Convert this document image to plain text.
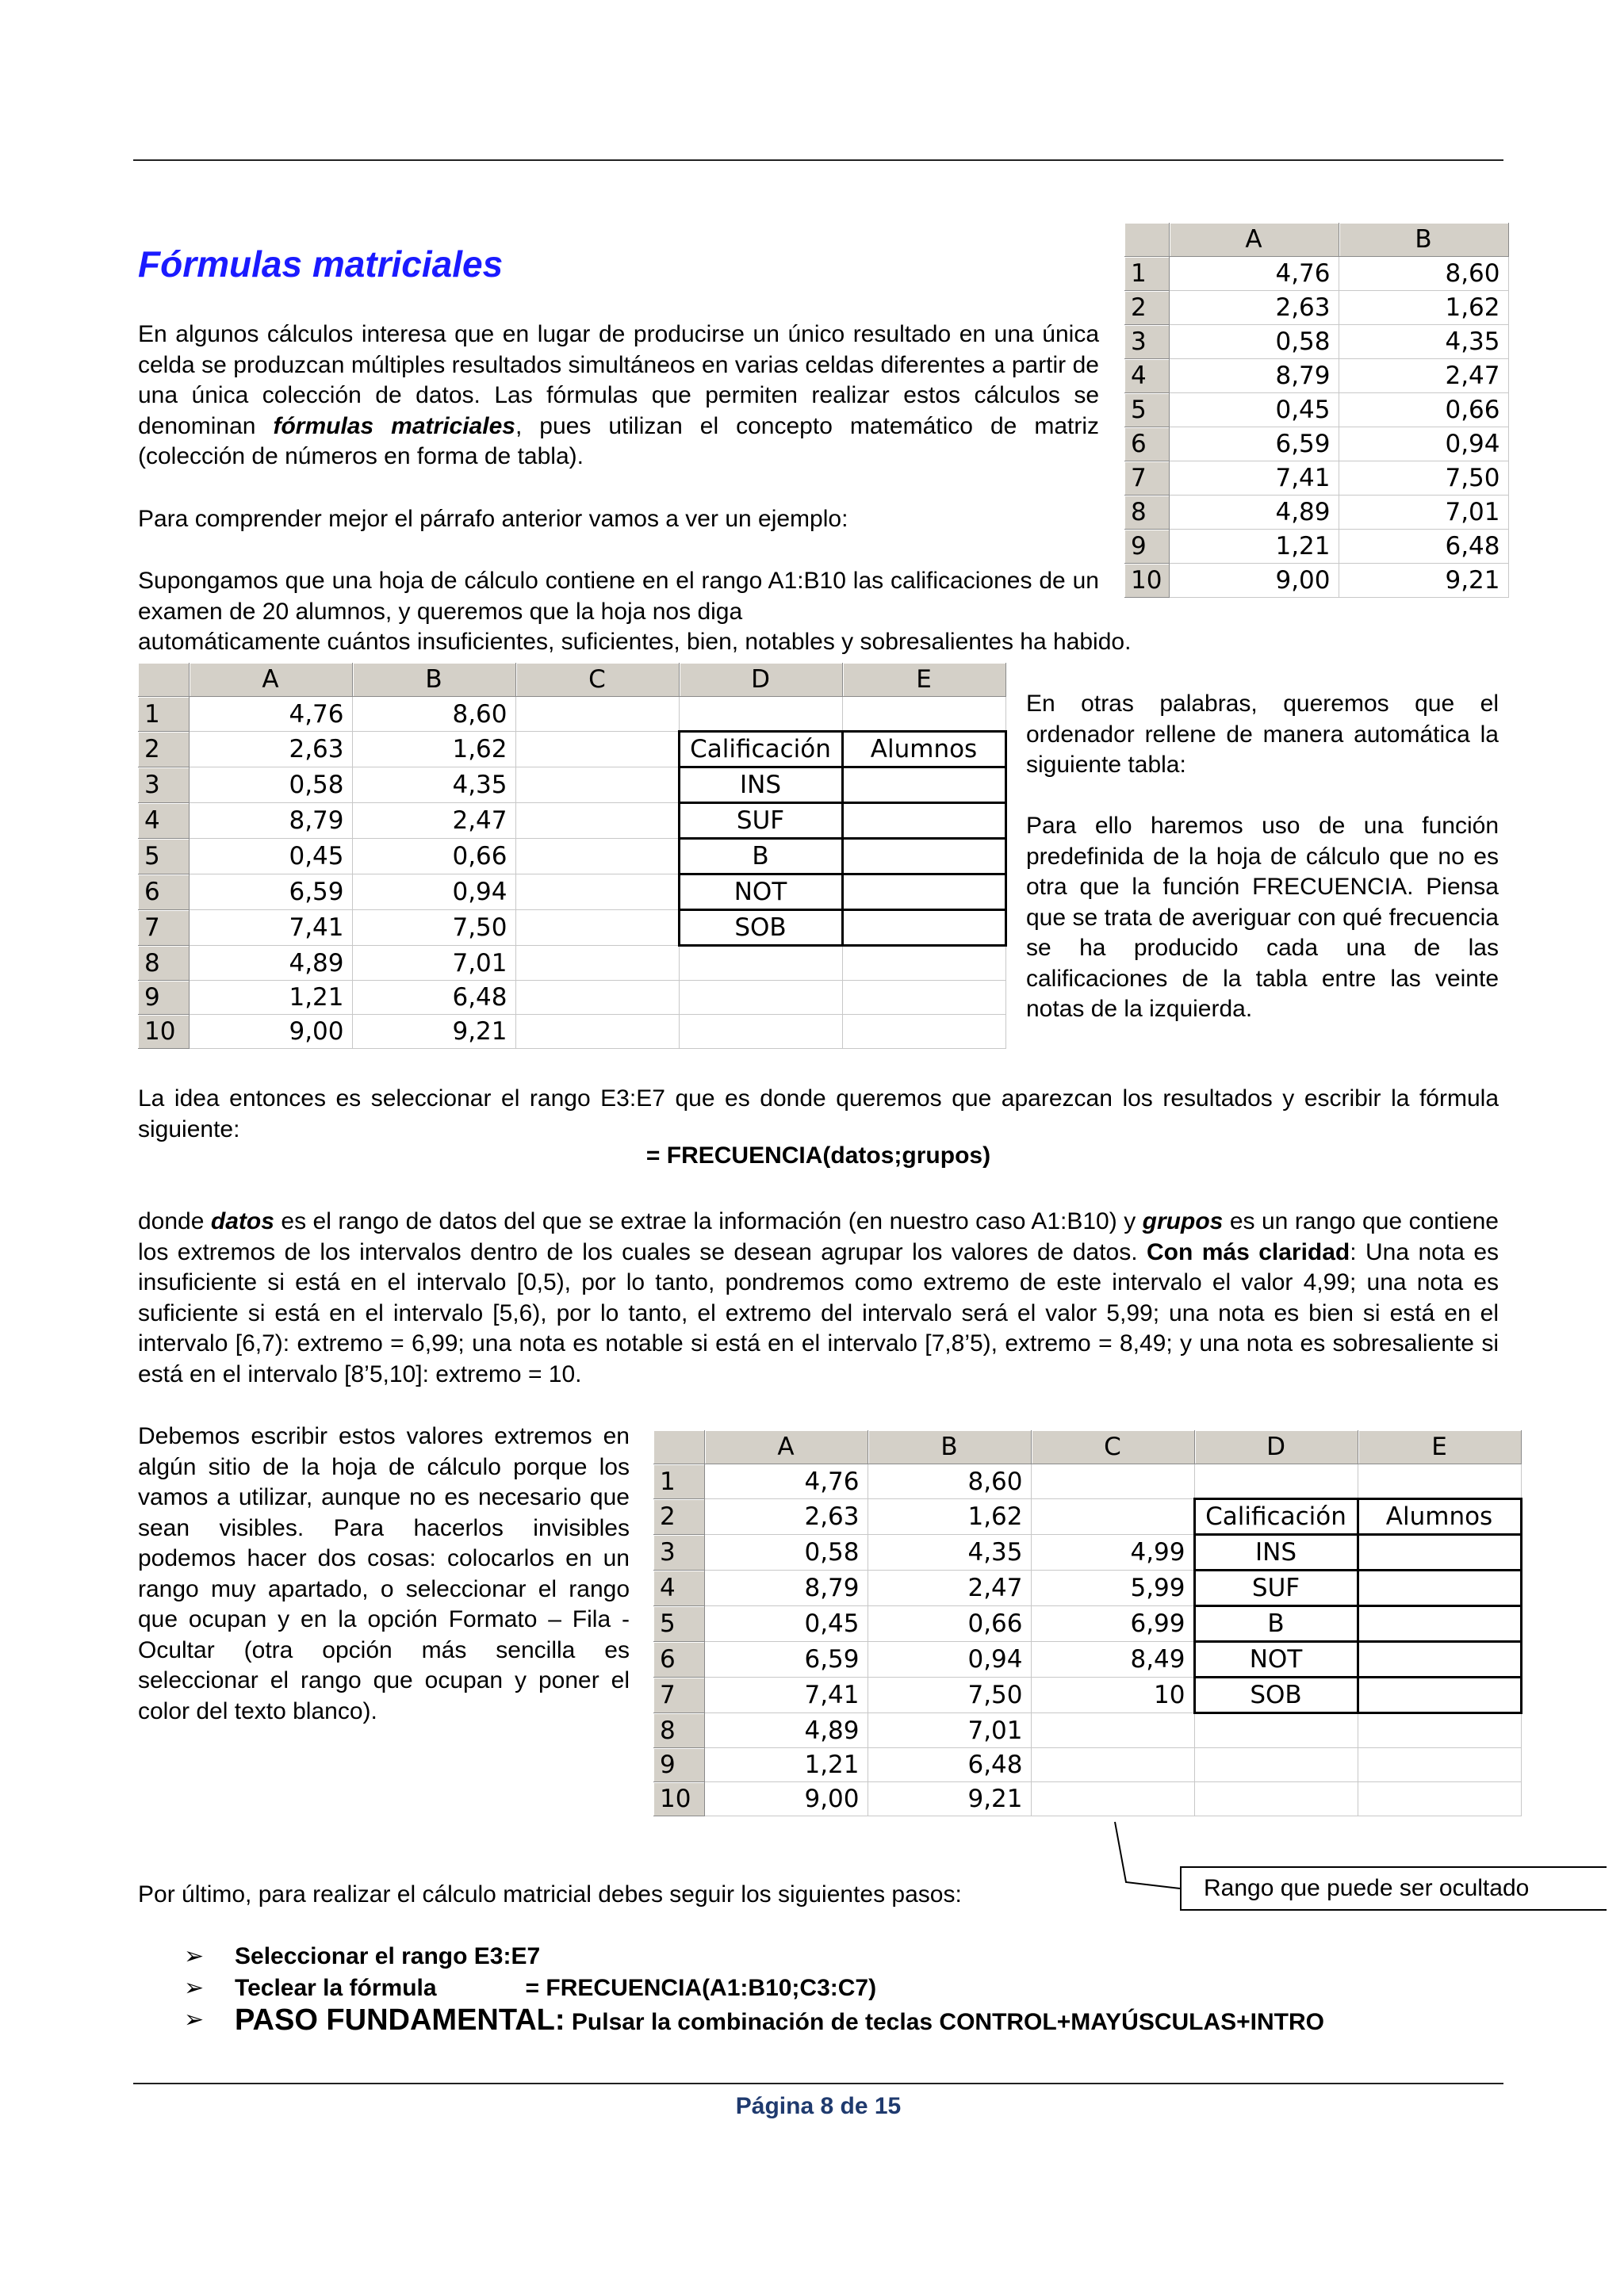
Fórmulas matriciales

En algunos cálculos interesa que en lugar de producirse un único resultado en una única celda se produzcan múltiples resultados simultáneos en varias celdas diferentes a partir de una única colección de datos. Las fórmulas que permiten realizar estos cálculos se denominan fórmulas matriciales, pues utilizan el concepto matemático de matriz (colección de números en forma de tabla).

Para comprender mejor el párrafo anterior vamos a ver un ejemplo:

Supongamos que una hoja de cálculo contiene en el rango A1:B10 las calificaciones de un examen de 20 alumnos, y queremos que la hoja nos diga

automáticamente cuántos insuficientes, suficientes, bien, notables y sobresalientes ha habido.

	A	B
1	4,76	8,60
2	2,63	1,62
3	0,58	4,35
4	8,79	2,47
5	0,45	0,66
6	6,59	0,94
7	7,41	7,50
8	4,89	7,01
9	1,21	6,48
10	9,00	9,21
	A	B	C	D	E
1	4,76	8,60			
2	2,63	1,62		Calificación	Alumnos
3	0,58	4,35		INS	
4	8,79	2,47		SUF	
5	0,45	0,66		B	
6	6,59	0,94		NOT	
7	7,41	7,50		SOB	
8	4,89	7,01			
9	1,21	6,48			
10	9,00	9,21			

En otras palabras, queremos que el ordenador rellene de manera automática la siguiente tabla:

Para ello haremos uso de una función predefinida de la hoja de cálculo que no es otra que la función FRECUENCIA. Piensa que se trata de averiguar con qué frecuencia se ha producido cada una de las calificaciones de la tabla entre las veinte notas de la izquierda.

La idea entonces es seleccionar el rango E3:E7 que es donde queremos que aparezcan los resultados y escribir la fórmula siguiente:

= FRECUENCIA(datos;grupos)

donde datos es el rango de datos del que se extrae la información (en nuestro caso A1:B10) y grupos es un rango que contiene los extremos de los intervalos dentro de los cuales se desean agrupar los valores de datos. Con más claridad: Una nota es insuficiente si está en el intervalo [0,5), por lo tanto, pondremos como extremo de este intervalo el valor 4,99; una nota es suficiente si está en el intervalo [5,6), por lo tanto, el extremo del intervalo será el valor 5,99; una nota es bien si está en el intervalo [6,7): extremo = 6,99; una nota es notable si está en el intervalo [7,8’5), extremo = 8,49; y una nota es sobresaliente si está en el intervalo [8’5,10]: extremo = 10.

Debemos escribir estos valores extremos en algún sitio de la hoja de cálculo porque los vamos a utilizar, aunque no es necesario que sean visibles. Para hacerlos invisibles podemos hacer dos cosas: colocarlos en un rango muy apartado, o seleccionar el rango que ocupan y en la opción Formato – Fila - Ocultar (otra opción más sencilla es seleccionar el rango que ocupan y poner el color del texto blanco).

	A	B	C	D	E
1	4,76	8,60			
2	2,63	1,62		Calificación	Alumnos
3	0,58	4,35	4,99	INS	
4	8,79	2,47	5,99	SUF	
5	0,45	0,66	6,99	B	
6	6,59	0,94	8,49	NOT	
7	7,41	7,50	10	SOB	
8	4,89	7,01			
9	1,21	6,48			
10	9,00	9,21			
Rango que puede ser ocultado

Por último, para realizar el cálculo matricial debes seguir los siguientes pasos:

➢ Seleccionar el rango E3:E7
➢ Teclear la fórmula	= FRECUENCIA(A1:B10;C3:C7)
➢ PASO FUNDAMENTAL: Pulsar la combinación de teclas CONTROL+MAYÚSCULAS+INTRO
Página 8 de 15
